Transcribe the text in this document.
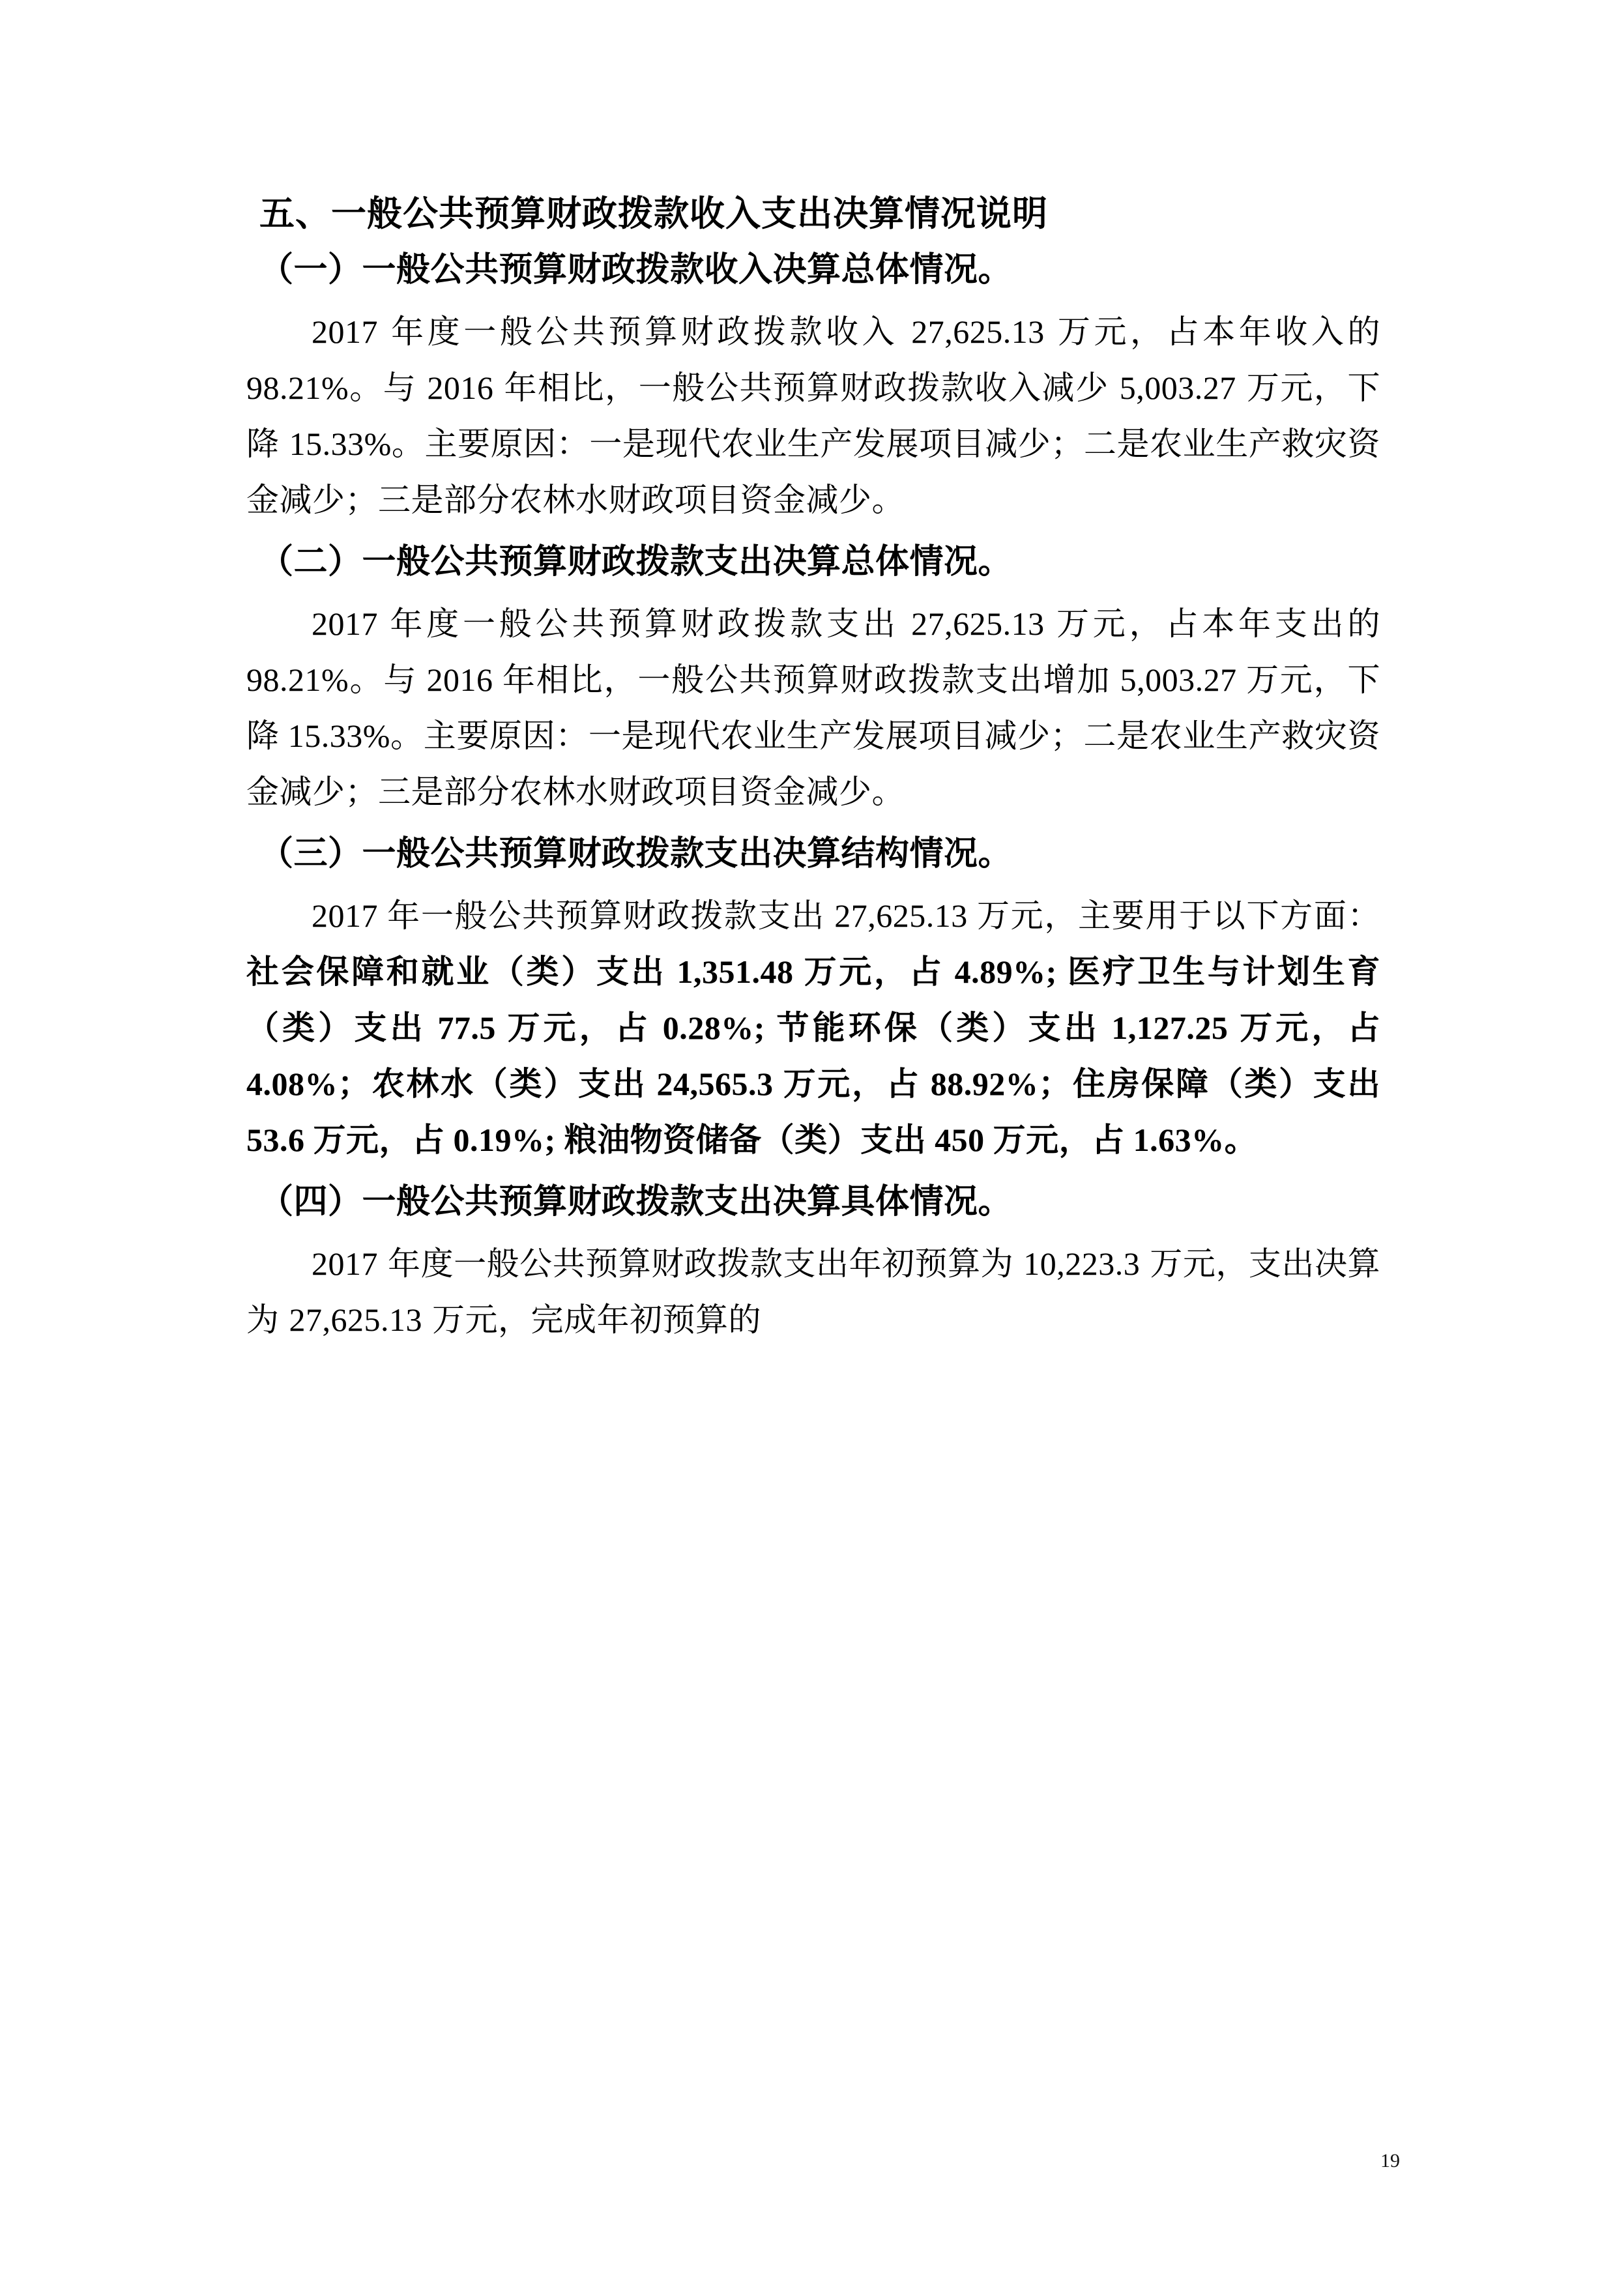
五、一般公共预算财政拨款收入支出决算情况说明
（一）一般公共预算财政拨款收入决算总体情况。

2017 年度一般公共预算财政拨款收入 27,625.13 万元，占本年收入的 98.21%。与 2016 年相比，一般公共预算财政拨款收入减少 5,003.27 万元，下降 15.33%。主要原因：一是现代农业生产发展项目减少；二是农业生产救灾资金减少；三是部分农林水财政项目资金减少。

（二）一般公共预算财政拨款支出决算总体情况。

2017 年度一般公共预算财政拨款支出 27,625.13 万元，占本年支出的 98.21%。与 2016 年相比，一般公共预算财政拨款支出增加 5,003.27 万元，下降 15.33%。主要原因：一是现代农业生产发展项目减少；二是农业生产救灾资金减少；三是部分农林水财政项目资金减少。

（三）一般公共预算财政拨款支出决算结构情况。

2017 年一般公共预算财政拨款支出 27,625.13 万元，主要用于以下方面：社会保障和就业（类）支出 1,351.48 万元，占 4.89%; 医疗卫生与计划生育（类）支出 77.5 万元，占 0.28%; 节能环保（类）支出 1,127.25 万元，占 4.08%；农林水（类）支出 24,565.3 万元，占 88.92%；住房保障（类）支出 53.6 万元，占 0.19%; 粮油物资储备（类）支出 450 万元，占 1.63%。

（四）一般公共预算财政拨款支出决算具体情况。

2017 年度一般公共预算财政拨款支出年初预算为 10,223.3 万元，支出决算为 27,625.13 万元，完成年初预算的

19
